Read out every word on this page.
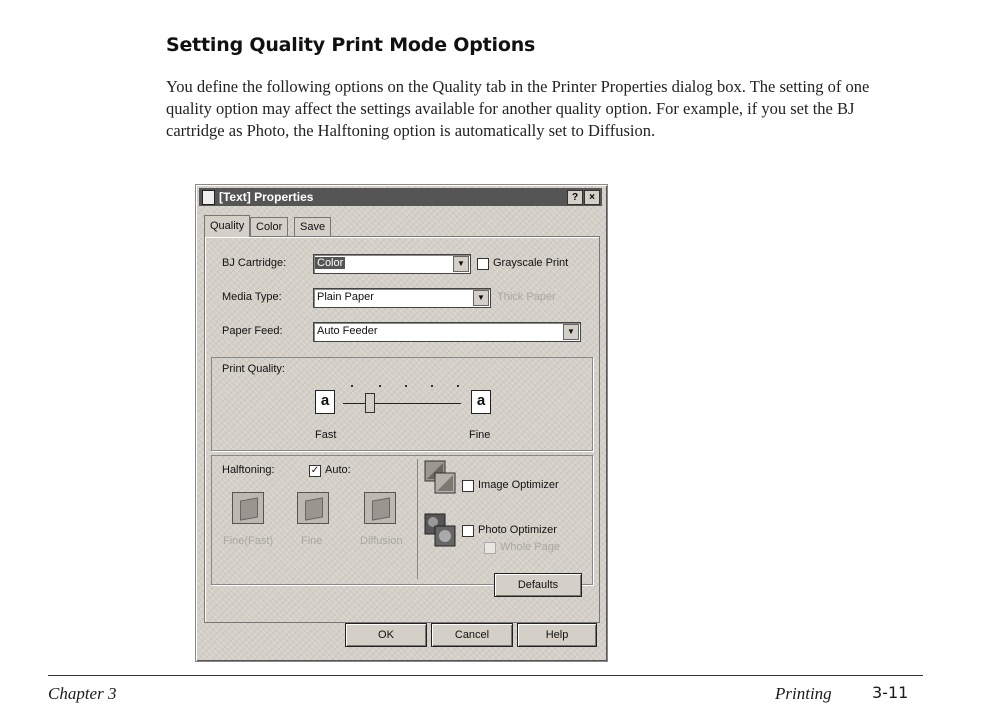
Setting Quality Print Mode Options
You define the following options on the Quality tab in the Printer Properties dialog box. The setting of one quality option may affect the settings available for another quality option. For example, if you set the BJ cartridge as Photo, the Halftoning option is automatically set to Diffusion.
[Text] Properties	?	×
Quality	Color	Save
BJ Cartridge:	Color	▼	Grayscale Print
Media Type:	Plain Paper	▼	Thick Paper
Paper Feed:	Auto Feeder	▼
Print Quality:
a	a
Fast	Fine
Halftoning:	✓ Auto:
Fine(Fast)	Fine	Diffusion
Image Optimizer
Photo Optimizer
Whole Page
Defaults
OK	Cancel	Help
Chapter 3	Printing	3-11
